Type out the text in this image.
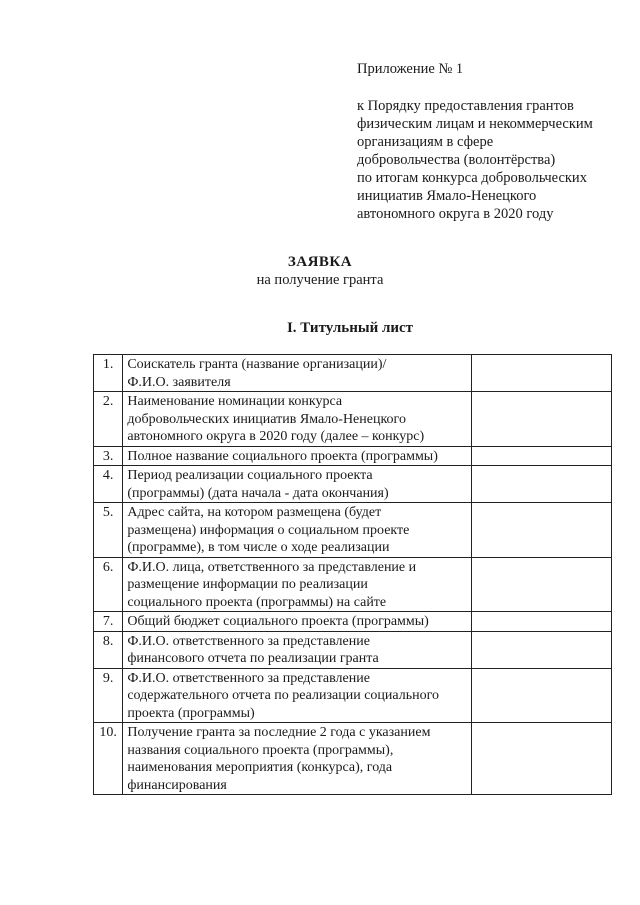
Приложение № 1
к Порядку предоставления грантов
физическим лицам и некоммерческим
организациям в сфере
добровольчества (волонтёрства)
по итогам конкурса добровольческих
инициатив Ямало-Ненецкого
автономного округа в 2020 году
ЗАЯВКА
на получение гранта
I. Титульный лист
1.	Соискатель гранта (название организации)/
Ф.И.О. заявителя	

2.	Наименование номинации конкурса
добровольческих инициатив Ямало-Ненецкого
автономного округа в 2020 году (далее – конкурс)	

3.	Полное название социального проекта (программы)	

4.	Период реализации социального проекта
(программы) (дата начала - дата окончания)	

5.	Адрес сайта, на котором размещена (будет
размещена) информация о социальном проекте
(программе), в том числе о ходе реализации	

6.	Ф.И.О. лица, ответственного за представление и
размещение информации по реализации
социального проекта (программы) на сайте	

7.	Общий бюджет социального проекта (программы)	

8.	Ф.И.О. ответственного за представление
финансового отчета по реализации гранта	

9.	Ф.И.О. ответственного за представление
содержательного отчета по реализации социального
проекта (программы)	

10.	Получение гранта за последние 2 года с указанием
названия социального проекта (программы),
наименования мероприятия (конкурса), года
финансирования	
